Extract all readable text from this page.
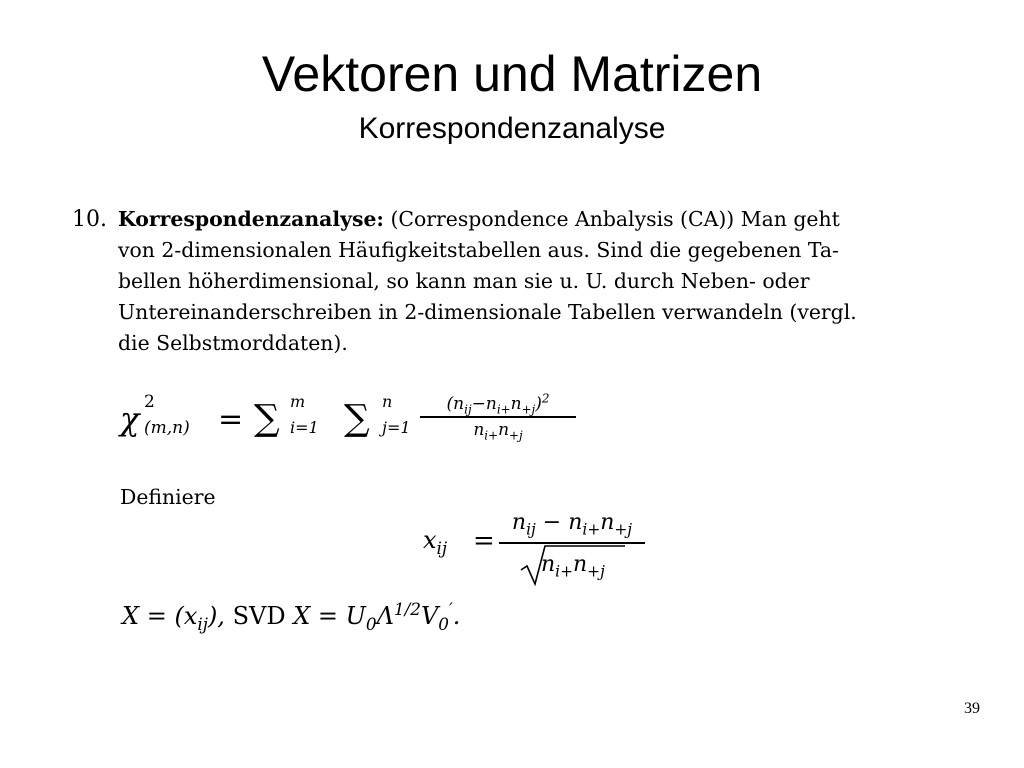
Vektoren und Matrizen
Korrespondenzanalyse
10. Korrespondenzanalyse: (Correspondence Anbalysis (CA)) Man geht
von 2-dimensionalen Häufigkeitstabellen aus. Sind die gegebenen Ta-
bellen höherdimensional, so kann man sie u. U. durch Neben- oder
Untereinanderschreiben in 2-dimensionale Tabellen verwandeln (vergl.
die Selbstmorddaten).
χ 2
(m,n) = ∑ m
i=1 ∑ n
j=1
$(n_{ij}-n_{i+}n_{+j})^2$
$n_{i+}n_{+j}$
Definiere
$x_{ij}$ =
$n_{ij} - n_{i+}n_{+j}$
$n_{i+}n_{+j}$
$X = (x_{ij})$, SVD $X = U_0\Lambda^{1/2}V_0'$.
39
